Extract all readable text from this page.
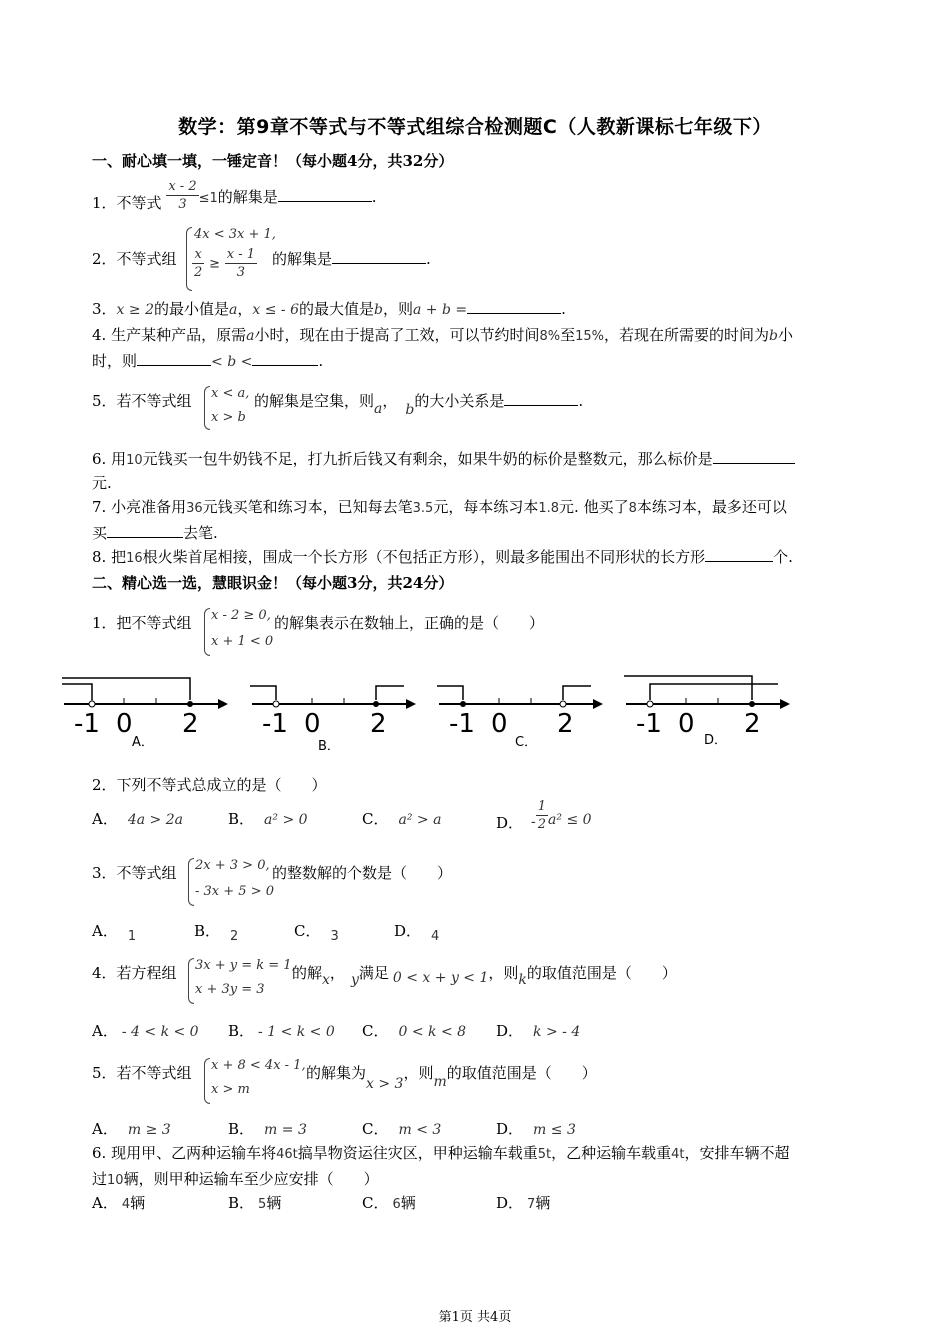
数学：第9章不等式与不等式组综合检测题C（人教新课标七年级下）
一、耐心填一填，一锤定音！（每小题4分，共32分）
1．不等式 $\frac{x - 2}{3} \le 1$的解集是	.
2．不等式组
4x < 3x + 1,
$\frac{x}{2} \ge \frac{x - 1}{3}$ 的解集是	.
3．x ≥ 2的最小值是a，x ≤ - 6的最大值是b，则a + b =	.
4. 生产某种产品，原需a小时，现在由于提高了工效，可以节约时间8%至15%，若现在所需要的时间为b小
时，则	< b <	.
5．若不等式组 x < a,
x > b
的解集是空集，则a， b的大小关系是	.
6. 用10元钱买一包牛奶钱不足，打九折后钱又有剩余，如果牛奶的标价是整数元，那么标价是
元.
7. 小亮准备用36元钱买笔和练习本，已知每去笔3.5元，每本练习本1.8元. 他买了8本练习本，最多还可以
买	去笔.
8. 把16根火柴首尾相接，围成一个长方形（不包括正方形），则最多能围出不同形状的长方形	个.
二、精心选一选，慧眼识金！（每小题3分，共24分）
1．把不等式组 x - 2 ≥ 0,
x + 1 < 0
的解集表示在数轴上，正确的是（　　）
-1 0 2
A．
-1 0 2
B．
-1 0 2
C．
-1 0 2
D．
2．下列不等式总成立的是（　　）
A． 4a > 2a	B． a² > 0	C． a² > a	D． - $\frac{1}{2} a^2 \le 0$
3．不等式组 2x + 3 > 0,
- 3x + 5 > 0
的整数解的个数是（　　）
A． 1	B． 2	C． 3	D． 4
4．若方程组 3x + y = k = 1,
x + 3y = 3
的解x， y满足 0 < x + y < 1，则k的取值范围是（　　）
A． - 4 < k < 0 B． - 1 < k < 0 C． 0 < k < 8 D． k > - 4
5．若不等式组 x + 8 < 4x - 1,
x > m
的解集为x > 3，则m的取值范围是（　　）
A． m ≥ 3	B． m = 3	C． m < 3	D． m ≤ 3
6. 现用甲、乙两种运输车将46t搞旱物资运往灾区，甲种运输车载重5t，乙种运输车载重4t，安排车辆不超
过10辆，则甲种运输车至少应安排（　　）
A． 4辆	B． 5辆	C． 6辆	D． 7辆
第1页 共4页
